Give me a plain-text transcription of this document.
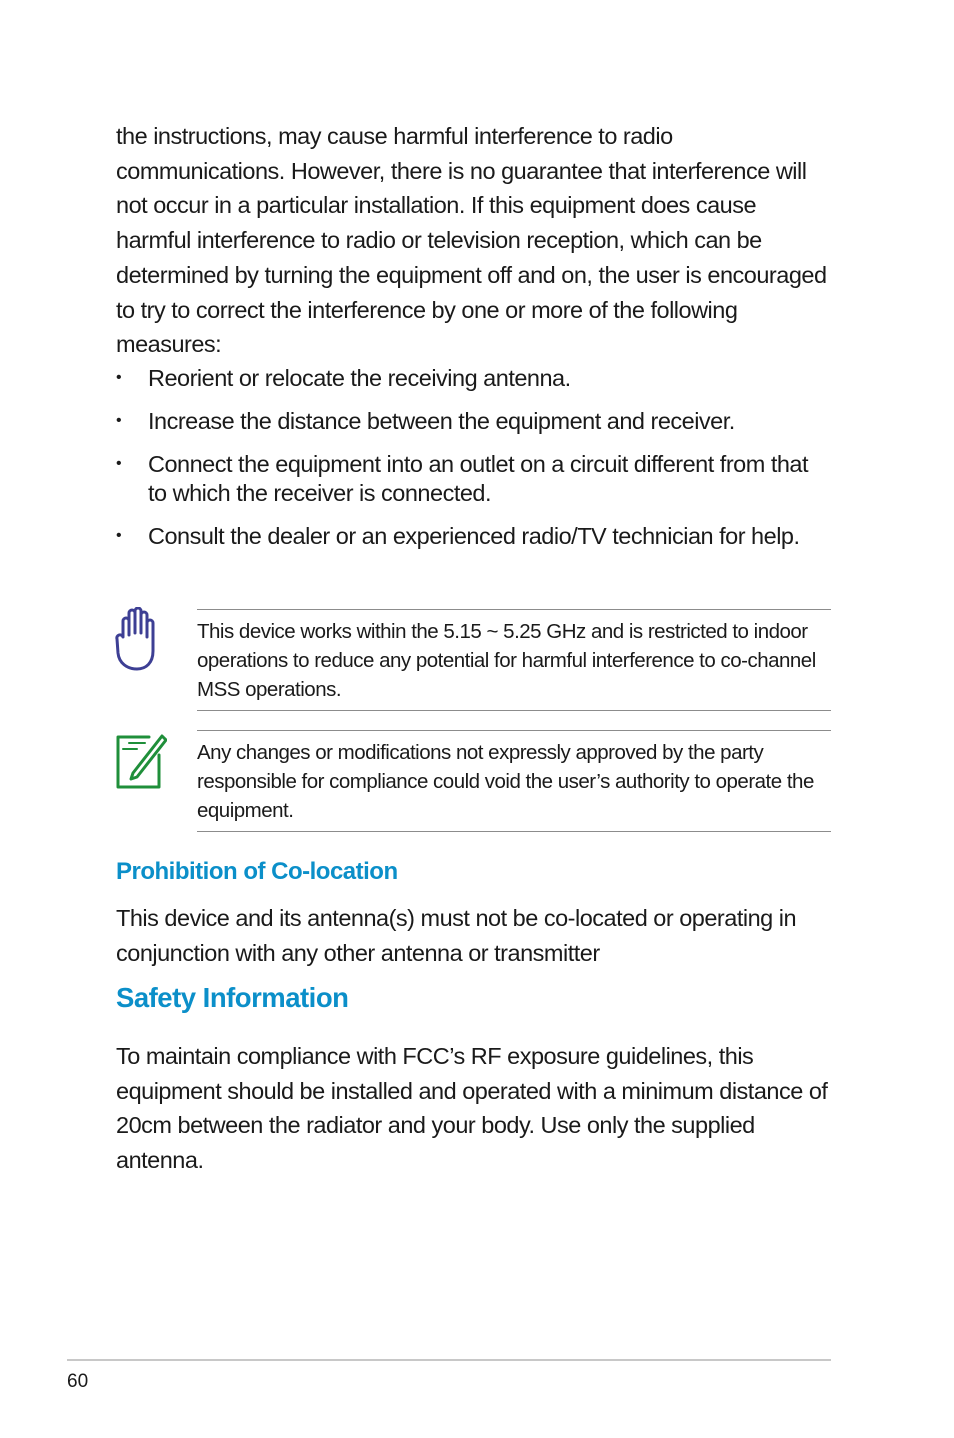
the instructions, may cause harmful interference to radio communications. However, there is no guarantee that interference will not occur in a particular installation. If this equipment does cause harmful interference to radio or television reception, which can be determined by turning the equipment off and on, the user is encouraged to try to correct the interference by one or more of the following measures:

• Reorient or relocate the receiving antenna.
• Increase the distance between the equipment and receiver.
• Connect the equipment into an outlet on a circuit different from that to which the receiver is connected.
• Consult the dealer or an experienced radio/TV technician for help.

This device works within the 5.15 ~ 5.25 GHz and is restricted to indoor operations to reduce any potential for harmful interference to co-channel MSS operations.

Any changes or modifications not expressly approved by the party responsible for compliance could void the user’s authority to operate the equipment.

Prohibition of Co-location

This device and its antenna(s) must not be co-located or operating in conjunction with any other antenna or transmitter

Safety Information

To maintain compliance with FCC’s RF exposure guidelines, this equipment should be installed and operated with a minimum distance of 20cm between the radiator and your body. Use only the supplied antenna.

60
